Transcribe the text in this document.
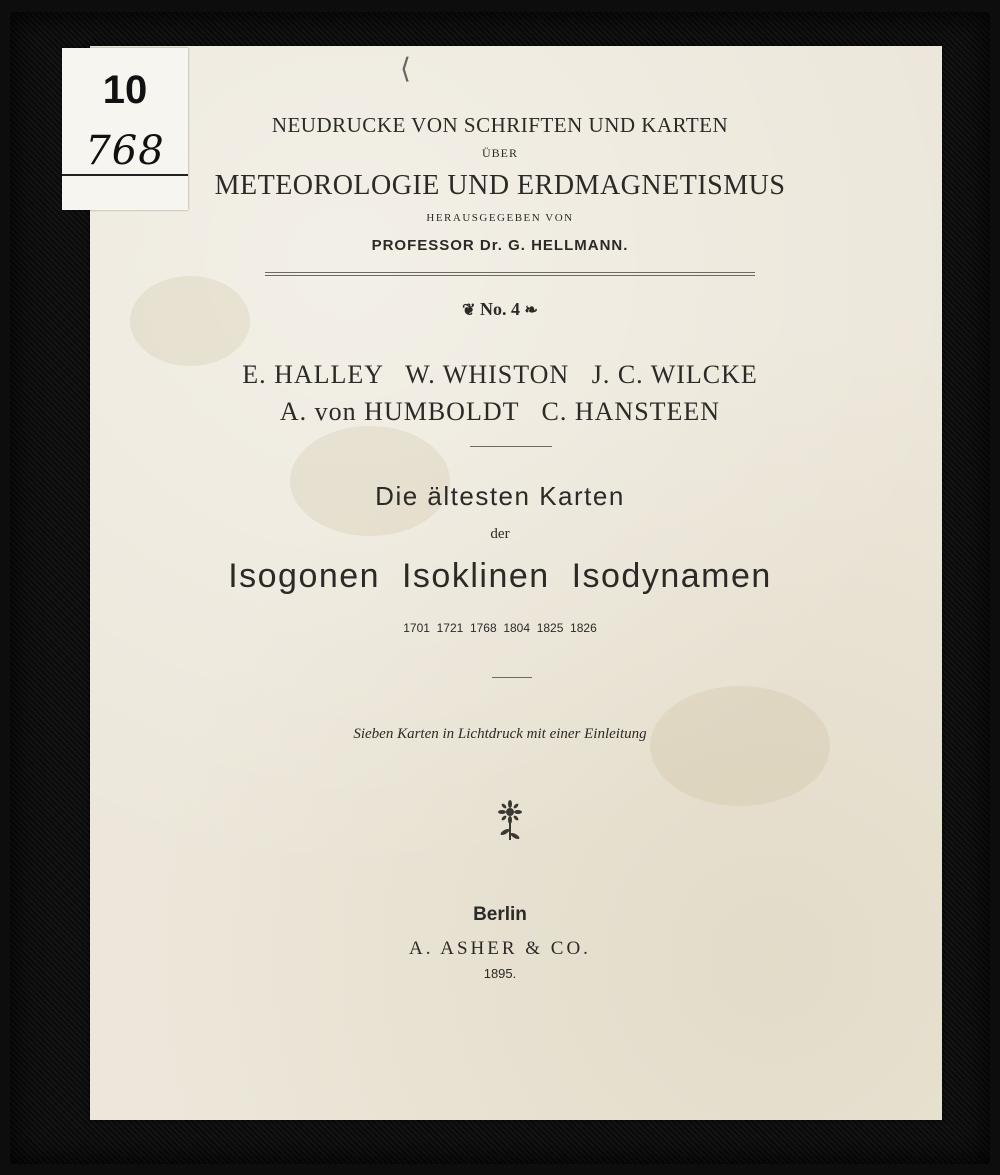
⟨
10
768
NEUDRUCKE VON SCHRIFTEN UND KARTEN
ÜBER
METEOROLOGIE UND ERDMAGNETISMUS
HERAUSGEGEBEN VON
PROFESSOR Dr. G. HELLMANN.
❦ No. 4 ❧
E. HALLEY   W. WHISTON   J. C. WILCKE
A. von HUMBOLDT   C. HANSTEEN
Die ältesten Karten
der
Isogonen  Isoklinen  Isodynamen
1701  1721  1768  1804  1825  1826
Sieben Karten in Lichtdruck mit einer Einleitung
Berlin
A. ASHER & CO.
1895.
